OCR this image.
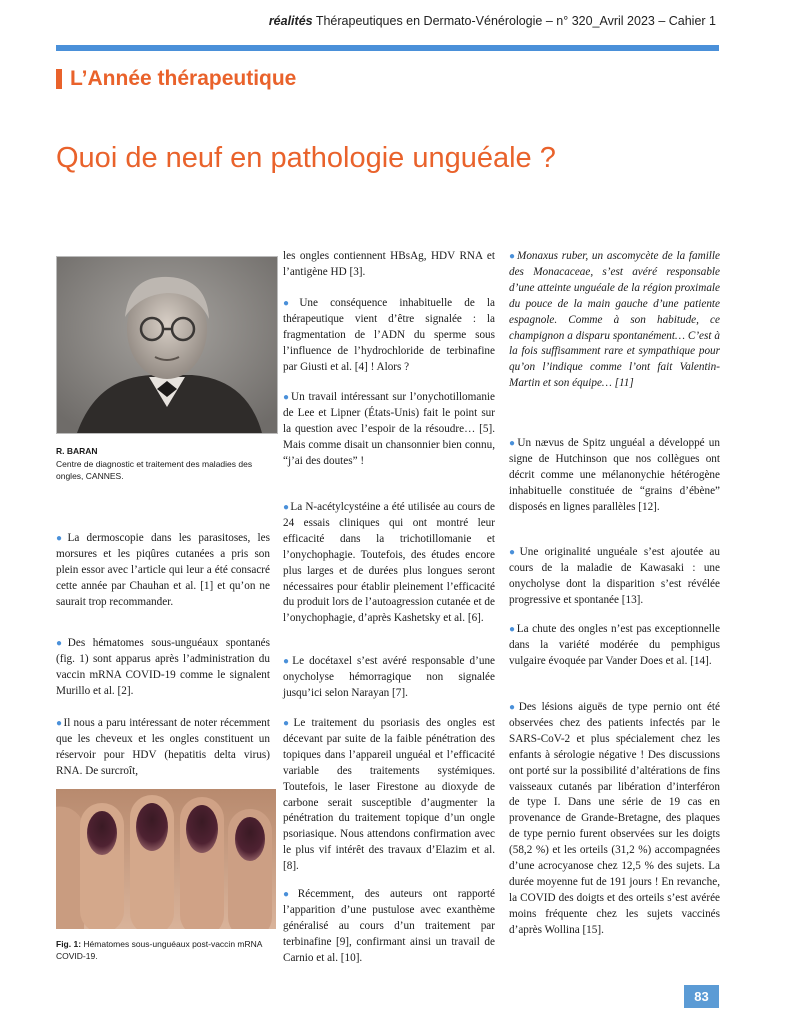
réalités Thérapeutiques en Dermato-Vénérologie – n° 320_Avril 2023 – Cahier 1
L’Année thérapeutique
Quoi de neuf en pathologie unguéale ?
R. BARAN
Centre de diagnostic et traitement des maladies des ongles, CANNES.

●La dermoscopie dans les parasitoses, les morsures et les piqûres cutanées a pris son plein essor avec l’article qui leur a été consacré cette année par Chauhan et al. [1] et qu’on ne saurait trop recommander.

●Des hématomes sous-unguéaux spontanés (fig. 1) sont apparus après l’administration du vaccin mRNA COVID-19 comme le signalent Murillo et al. [2].

●Il nous a paru intéressant de noter récemment que les cheveux et les ongles constituent un réservoir pour HDV (hepatitis delta virus) RNA. De surcroît,

Fig. 1: Hématomes sous-unguéaux post-vaccin mRNA COVID-19.

les ongles contiennent HBsAg, HDV RNA et l’antigène HD [3].

●Une conséquence inhabituelle de la thérapeutique vient d’être signalée : la fragmentation de l’ADN du sperme sous l’influence de l’hydrochloride de terbinafine par Giusti et al. [4] ! Alors ?

●Un travail intéressant sur l’onychotillomanie de Lee et Lipner (États-Unis) fait le point sur la question avec l’espoir de la résoudre… [5]. Mais comme disait un chansonnier bien connu, “j’ai des doutes” !

●La N-acétylcystéine a été utilisée au cours de 24 essais cliniques qui ont montré leur efficacité dans la trichotillomanie et l’onychophagie. Toutefois, des études encore plus larges et de durées plus longues seront nécessaires pour établir pleinement l’efficacité du produit lors de l’autoagression cutanée et de l’onychophagie, d’après Kashetsky et al. [6].

●Le docétaxel s’est avéré responsable d’une onycholyse hémorragique non signalée jusqu’ici selon Narayan [7].

●Le traitement du psoriasis des ongles est décevant par suite de la faible pénétration des topiques dans l’appareil unguéal et l’efficacité variable des traitements systémiques. Toutefois, le laser Firestone au dioxyde de carbone serait susceptible d’augmenter la pénétration du traitement topique d’un ongle psoriasique. Nous attendons confirmation avec le plus vif intérêt des travaux d’Elazim et al. [8].

●Récemment, des auteurs ont rapporté l’apparition d’une pustulose avec exanthème généralisé au cours d’un traitement par terbinafine [9], confirmant ainsi un travail de Carnio et al. [10].

●Monaxus ruber, un ascomycète de la famille des Monacaceae, s’est avéré responsable d’une atteinte unguéale de la région proximale du pouce de la main gauche d’une patiente espagnole. Comme à son habitude, ce champignon a disparu spontanément… C’est à la fois suffisamment rare et sympathique pour qu’on l’indique comme l’ont fait Valentin-Martin et son équipe… [11]

●Un nævus de Spitz unguéal a développé un signe de Hutchinson que nos collègues ont décrit comme une mélanonychie hétérogène inhabituelle constituée de “grains d’ébène” disposés en lignes parallèles [12].

●Une originalité unguéale s’est ajoutée au cours de la maladie de Kawasaki : une onycholyse dont la disparition s’est révélée progressive et spontanée [13].

●La chute des ongles n’est pas exceptionnelle dans la variété modérée du pemphigus vulgaire évoquée par Vander Does et al. [14].

●Des lésions aiguës de type pernio ont été observées chez des patients infectés par le SARS-CoV-2 et plus spécialement chez les enfants à sérologie négative ! Des discussions ont porté sur la possibilité d’altérations de fins vaisseaux cutanés par libération d’interféron de type I. Dans une série de 19 cas en provenance de Grande-Bretagne, des plaques de type pernio furent observées sur les doigts (58,2 %) et les orteils (31,2 %) accompagnées d’une acrocyanose chez 12,5 % des sujets. La durée moyenne fut de 191 jours ! En revanche, la COVID des doigts et des orteils s’est avérée moins fréquente chez les sujets vaccinés d’après Wollina [15].

83
